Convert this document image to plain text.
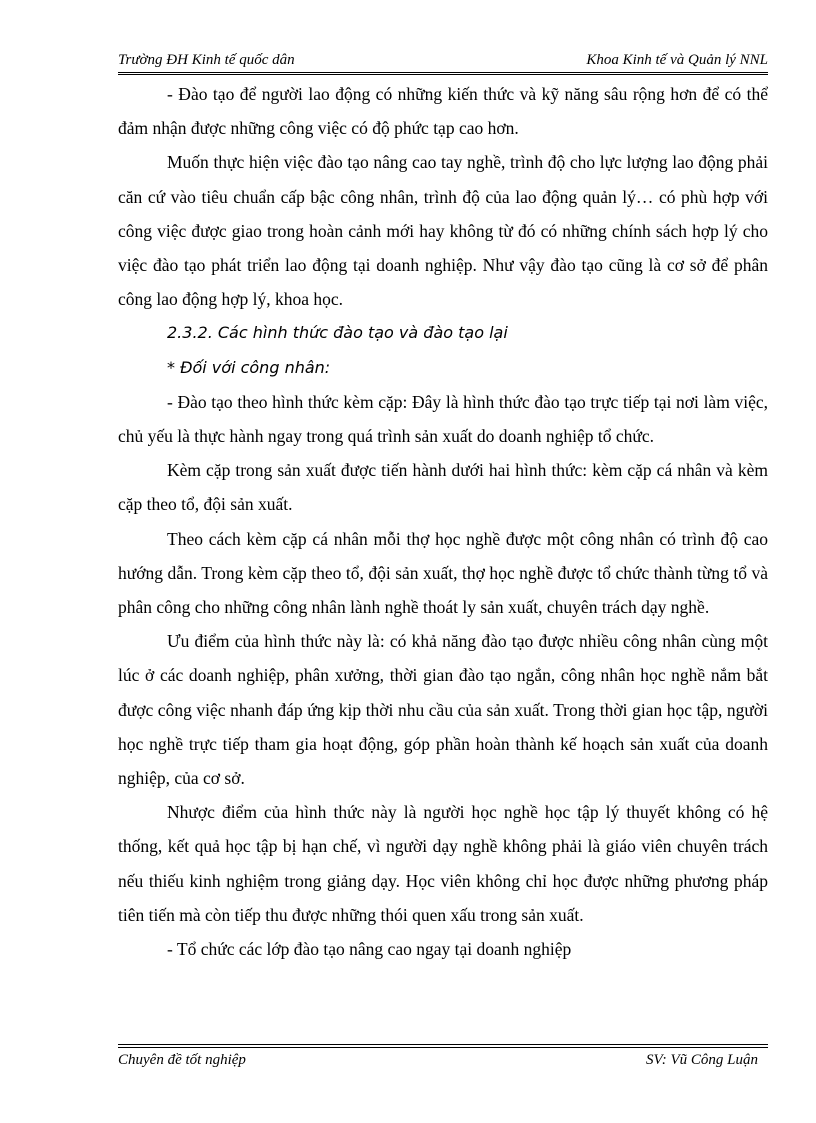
Trường ĐH Kinh tế quốc dân	Khoa Kinh tế và Quản lý NNL

- Đào tạo để người lao động có những kiến thức và kỹ năng sâu rộng hơn để có thể đảm nhận được những công việc có độ phức tạp cao hơn.

Muốn thực hiện việc đào tạo nâng cao tay nghề, trình độ cho lực lượng lao động phải căn cứ vào tiêu chuẩn cấp bậc công nhân, trình độ của lao động quản lý… có phù hợp với công việc được giao trong hoàn cảnh mới hay không từ đó có những chính sách hợp lý cho việc đào tạo phát triển lao động tại doanh nghiệp. Như vậy đào tạo cũng là cơ sở để phân công lao động hợp lý, khoa học.

2.3.2. Các hình thức đào tạo và đào tạo lại

* Đối với công nhân:

- Đào tạo theo hình thức kèm cặp: Đây là hình thức đào tạo trực tiếp tại nơi làm việc, chủ yếu là thực hành ngay trong quá trình sản xuất do doanh nghiệp tổ chức.

Kèm cặp trong sản xuất được tiến hành dưới hai hình thức: kèm cặp cá nhân và kèm cặp theo tổ, đội sản xuất.

Theo cách kèm cặp cá nhân mỗi thợ học nghề được một công nhân có trình độ cao hướng dẫn. Trong kèm cặp theo tổ, đội sản xuất, thợ học nghề được tổ chức thành từng tổ và phân công cho những công nhân lành nghề thoát ly sản xuất, chuyên trách dạy nghề.

Ưu điểm của hình thức này là: có khả năng đào tạo được nhiều công nhân cùng một lúc ở các doanh nghiệp, phân xưởng, thời gian đào tạo ngắn, công nhân học nghề nắm bắt được công việc nhanh đáp ứng kịp thời nhu cầu của sản xuất. Trong thời gian học tập, người học nghề trực tiếp tham gia hoạt động, góp phần hoàn thành kế hoạch sản xuất của doanh nghiệp, của cơ sở.

Nhược điểm của hình thức này là người học nghề học tập lý thuyết không có hệ thống, kết quả học tập bị hạn chế, vì người dạy nghề không phải là giáo viên chuyên trách nếu thiếu kinh nghiệm trong giảng dạy. Học viên không chỉ học được những phương pháp tiên tiến mà còn tiếp thu được những thói quen xấu trong sản xuất.

- Tổ chức các lớp đào tạo nâng cao ngay tại doanh nghiệp

Chuyên đề tốt nghiệp	SV: Vũ Công Luận
